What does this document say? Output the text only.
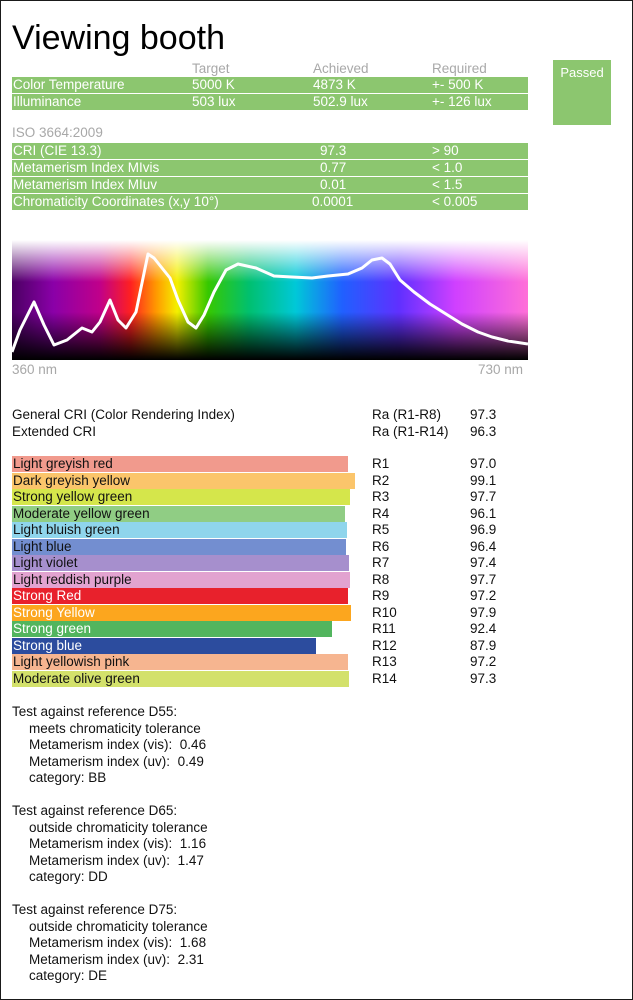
Viewing booth
Passed
Target	Achieved	Required
Color Temperature	5000 K	4873 K	+- 500 K
Illuminance	503 lux	502.9 lux	+- 126 lux
ISO 3664:2009
CRI (CIE 13.3)	97.3	> 90
Metamerism Index MIvis	0.77	< 1.0
Metamerism Index MIuv	0.01	< 1.5
Chromaticity Coordinates (x,y 10°)	0.0001	< 0.005
360 nm	730 nm
General CRI (Color Rendering Index)	Ra (R1-R8) 97.3
Extended CRI	Ra (R1-R14) 96.3
Light greyish red	R1	97.0
Dark greyish yellow	R2	99.1
Strong yellow green	R3	97.7
Moderate yellow green	R4	96.1
Light bluish green	R5	96.9
Light blue	R6	96.4
Light violet	R7	97.4
Light reddish purple	R8	97.7
Strong Red	R9	97.2
Strong Yellow	R10	97.9
Strong green	R11	92.4
Strong blue	R12	87.9
Light yellowish pink	R13	97.2
Moderate olive green	R14	97.3
Test against reference D55:
meets chromaticity tolerance
Metamerism index (vis): 0.46
Metamerism index (uv): 0.49
category: BB
Test against reference D65:
outside chromaticity tolerance
Metamerism index (vis): 1.16
Metamerism index (uv): 1.47
category: DD
Test against reference D75:
outside chromaticity tolerance
Metamerism index (vis): 1.68
Metamerism index (uv): 2.31
category: DE
